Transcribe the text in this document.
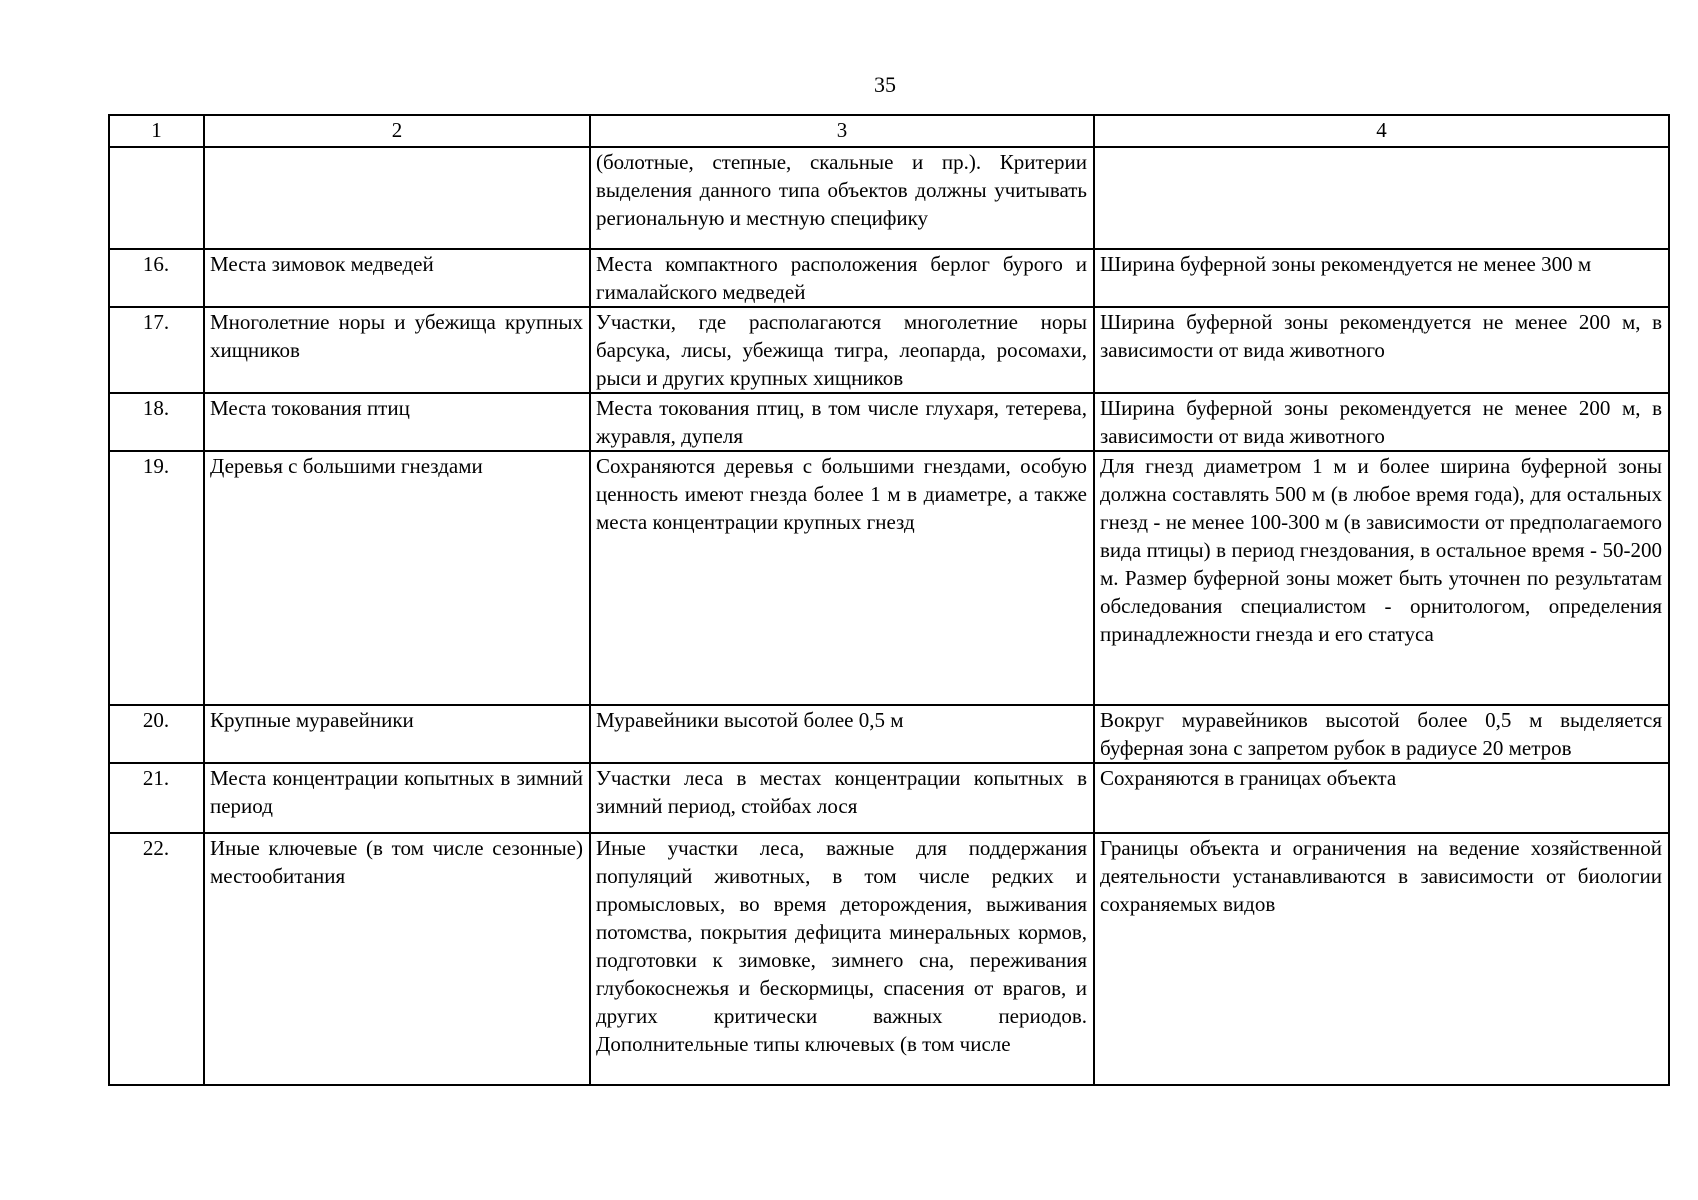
35
1	2	3	4
		(болотные, степные, скальные и пр.). Критерии выделения данного типа объектов должны учитывать региональную и местную специфику	
16.	Места зимовок медведей	Места компактного расположения берлог бурого и гималайского медведей	Ширина буферной зоны рекомендуется не менее 300 м
17.	Многолетние норы и убежища крупных хищников	Участки, где располагаются многолетние норы барсука, лисы, убежища тигра, леопарда, росомахи, рыси и других крупных хищников	Ширина буферной зоны рекомендуется не менее 200 м, в зависимости от вида животного
18.	Места токования птиц	Места токования птиц, в том числе глухаря, тетерева, журавля, дупеля	Ширина буферной зоны рекомендуется не менее 200 м, в зависимости от вида животного
19.	Деревья с большими гнездами	Сохраняются деревья с большими гнездами, особую ценность имеют гнезда более 1 м в диаметре, а также места концентрации крупных гнезд	Для гнезд диаметром 1 м и более ширина буферной зоны должна составлять 500 м (в любое время года), для остальных гнезд - не менее 100-300 м (в зависимости от предполагаемого вида птицы) в период гнездования, в остальное время - 50-200 м. Размер буферной зоны может быть уточнен по результатам обследования специалистом - орнитологом, определения принадлежности гнезда и его статуса
20.	Крупные муравейники	Муравейники высотой более 0,5 м	Вокруг муравейников высотой более 0,5 м выделяется буферная зона с запретом рубок в радиусе 20 метров
21.	Места концентрации копытных в зимний период	Участки леса в местах концентрации копытных в зимний период, стойбах лося	Сохраняются в границах объекта
22.	Иные ключевые (в том числе сезонные) местообитания	Иные участки леса, важные для поддержания популяций животных, в том числе редких и промысловых, во время деторождения, выживания потомства, покрытия дефицита минеральных кормов, подготовки к зимовке, зимнего сна, переживания глубокоснежья и бескормицы, спасения от врагов, и других критически важных периодов. Дополнительные типы ключевых (в том числе	Границы объекта и ограничения на ведение хозяйственной деятельности устанавливаются в зависимости от биологии сохраняемых видов
